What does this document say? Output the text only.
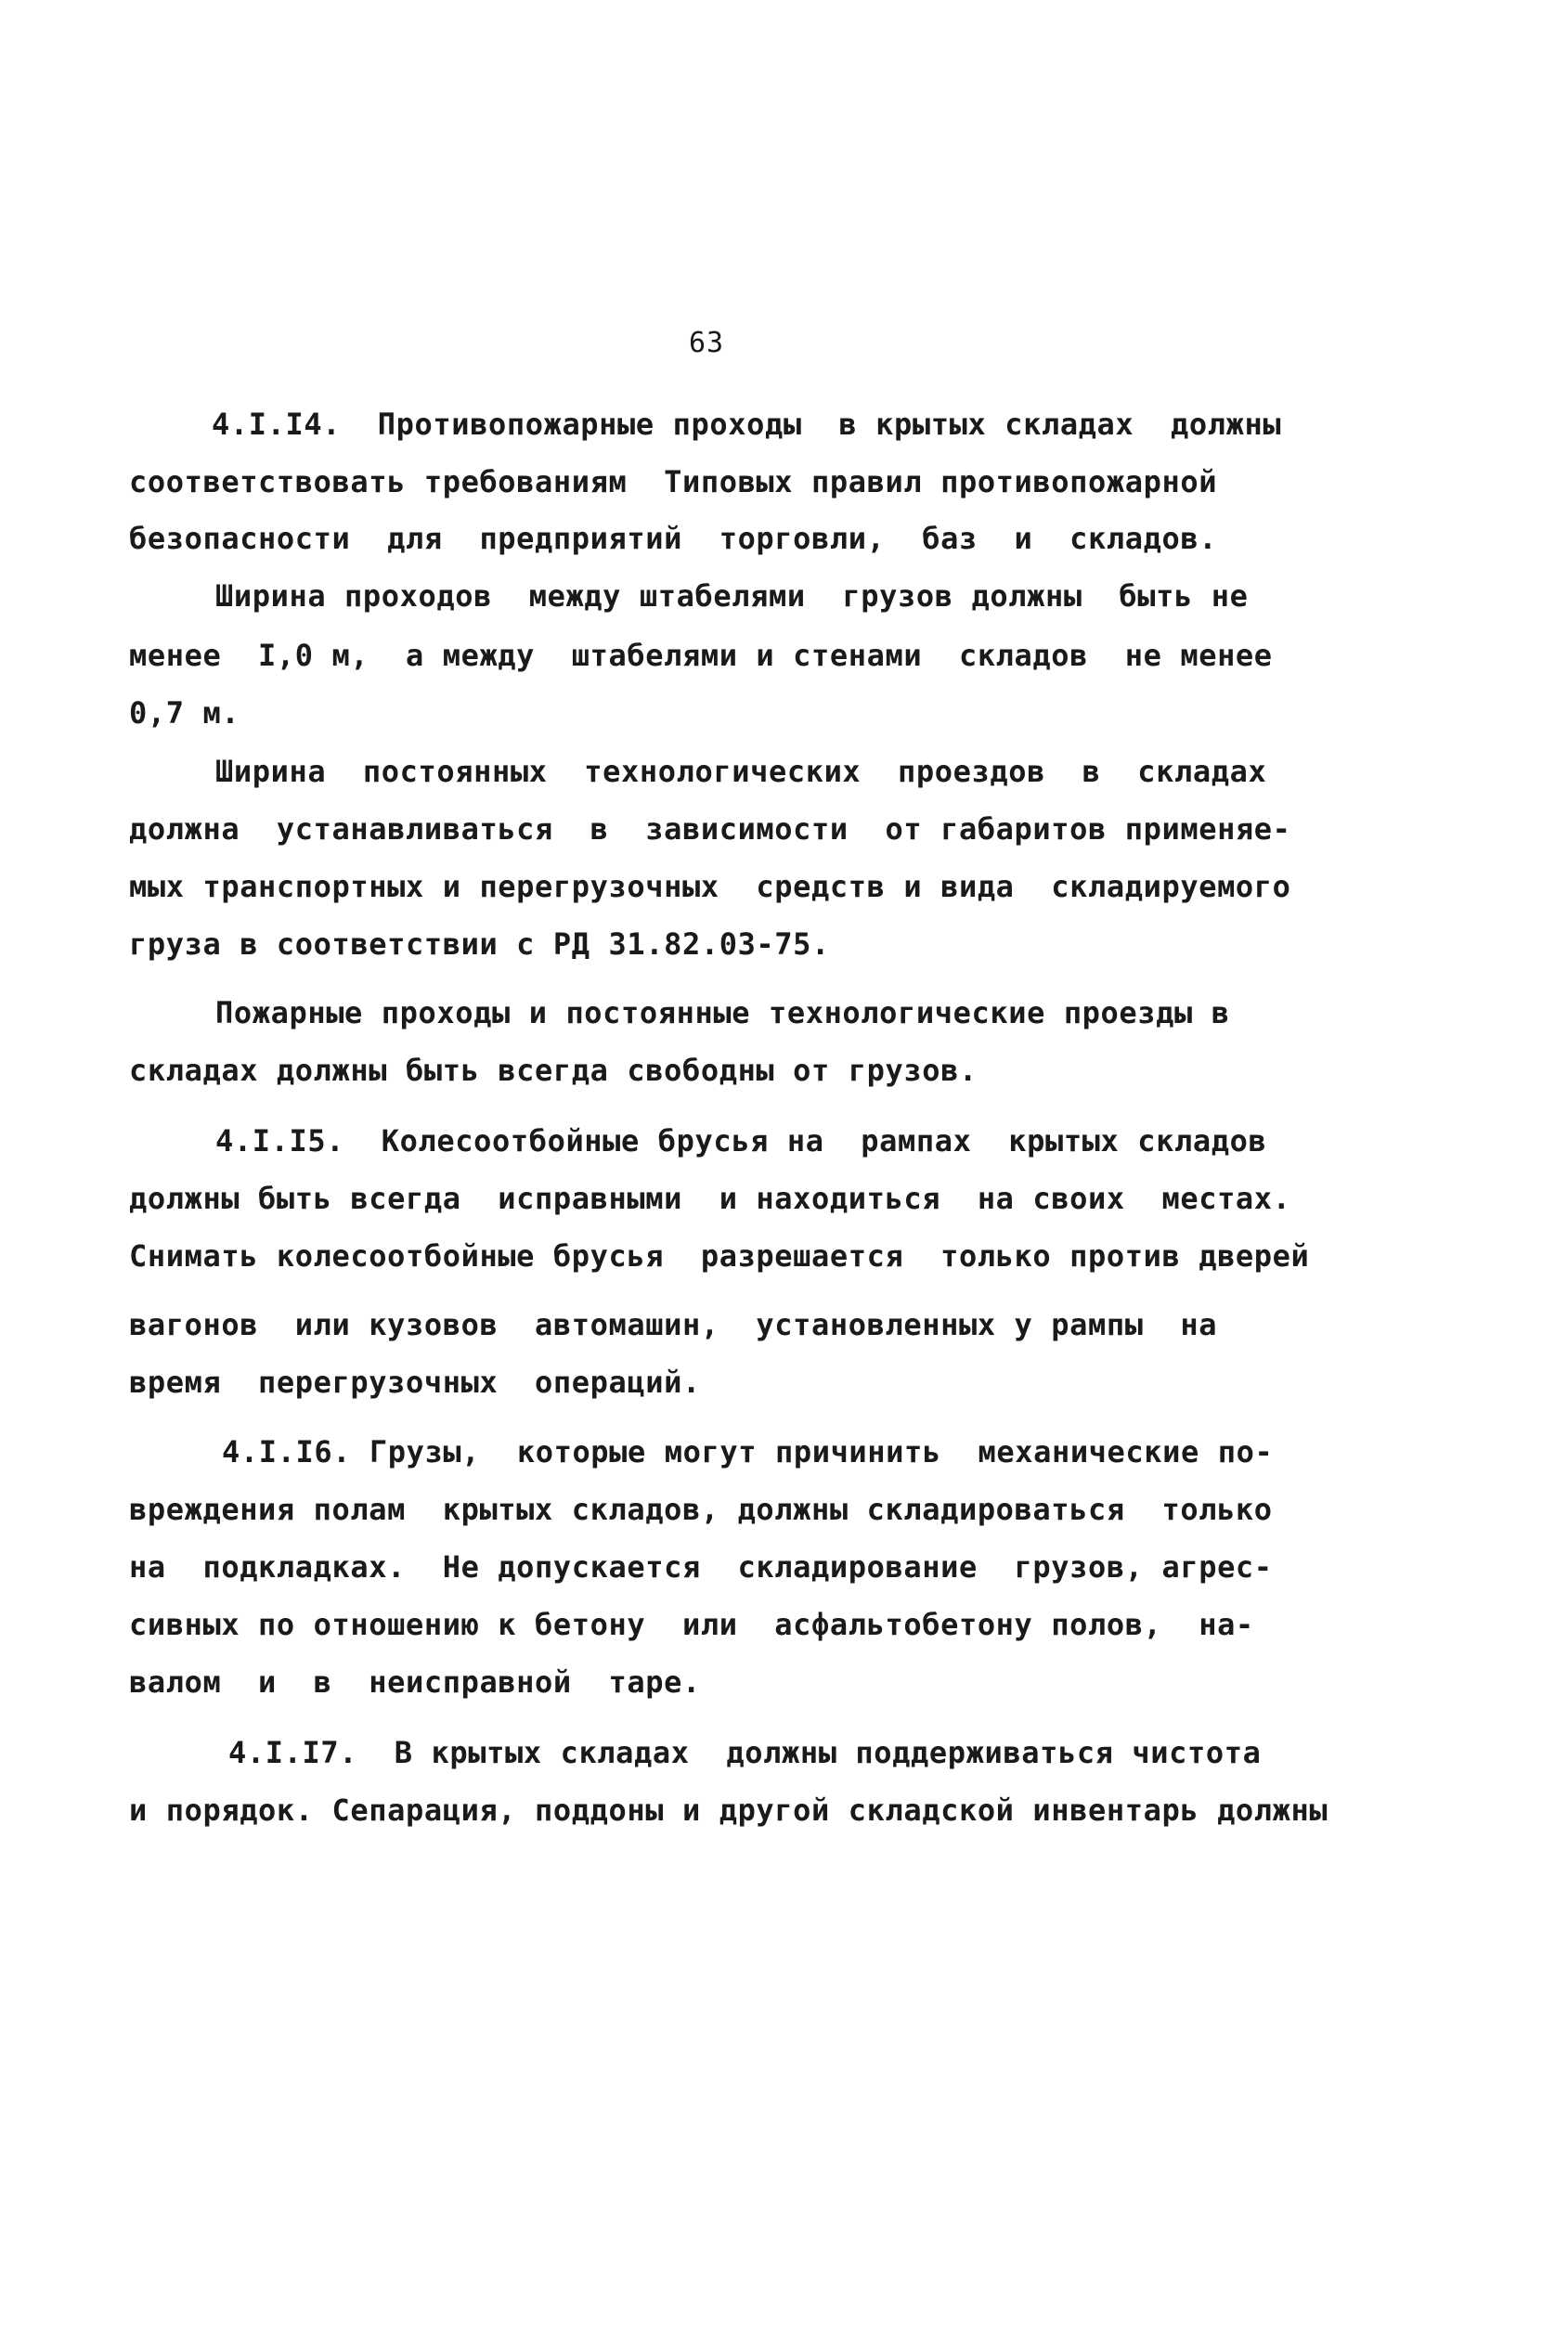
63
4.I.I4.  Противопожарные проходы  в крытых складах  должны
соответствовать требованиям  Типовых правил противопожарной
безопасности  для  предприятий  торговли,  баз  и  складов.
Ширина проходов  между штабелями  грузов должны  быть не
менее  I,0 м,  а между  штабелями и стенами  складов  не менее
0,7 м.
Ширина  постоянных  технологических  проездов  в  складах
должна  устанавливаться  в  зависимости  от габаритов применяе-
мых транспортных и перегрузочных  средств и вида  складируемого
груза в соответствии с РД 31.82.03-75.
Пожарные проходы и постоянные технологические проезды в
складах должны быть всегда свободны от грузов.
4.I.I5.  Колесоотбойные брусья на  рампах  крытых складов
должны быть всегда  исправными  и находиться  на своих  местах.
Снимать колесоотбойные брусья  разрешается  только против дверей
вагонов  или кузовов  автомашин,  установленных у рампы  на
время  перегрузочных  операций.
4.I.I6. Грузы,  которые могут причинить  механические по-
вреждения полам  крытых складов, должны складироваться  только
на  подкладках.  Не допускается  складирование  грузов, агрес-
сивных по отношению к бетону  или  асфальтобетону полов,  на-
валом  и  в  неисправной  таре.
4.I.I7.  В крытых складах  должны поддерживаться чистота
и порядок. Сепарация, поддоны и другой складской инвентарь должны
